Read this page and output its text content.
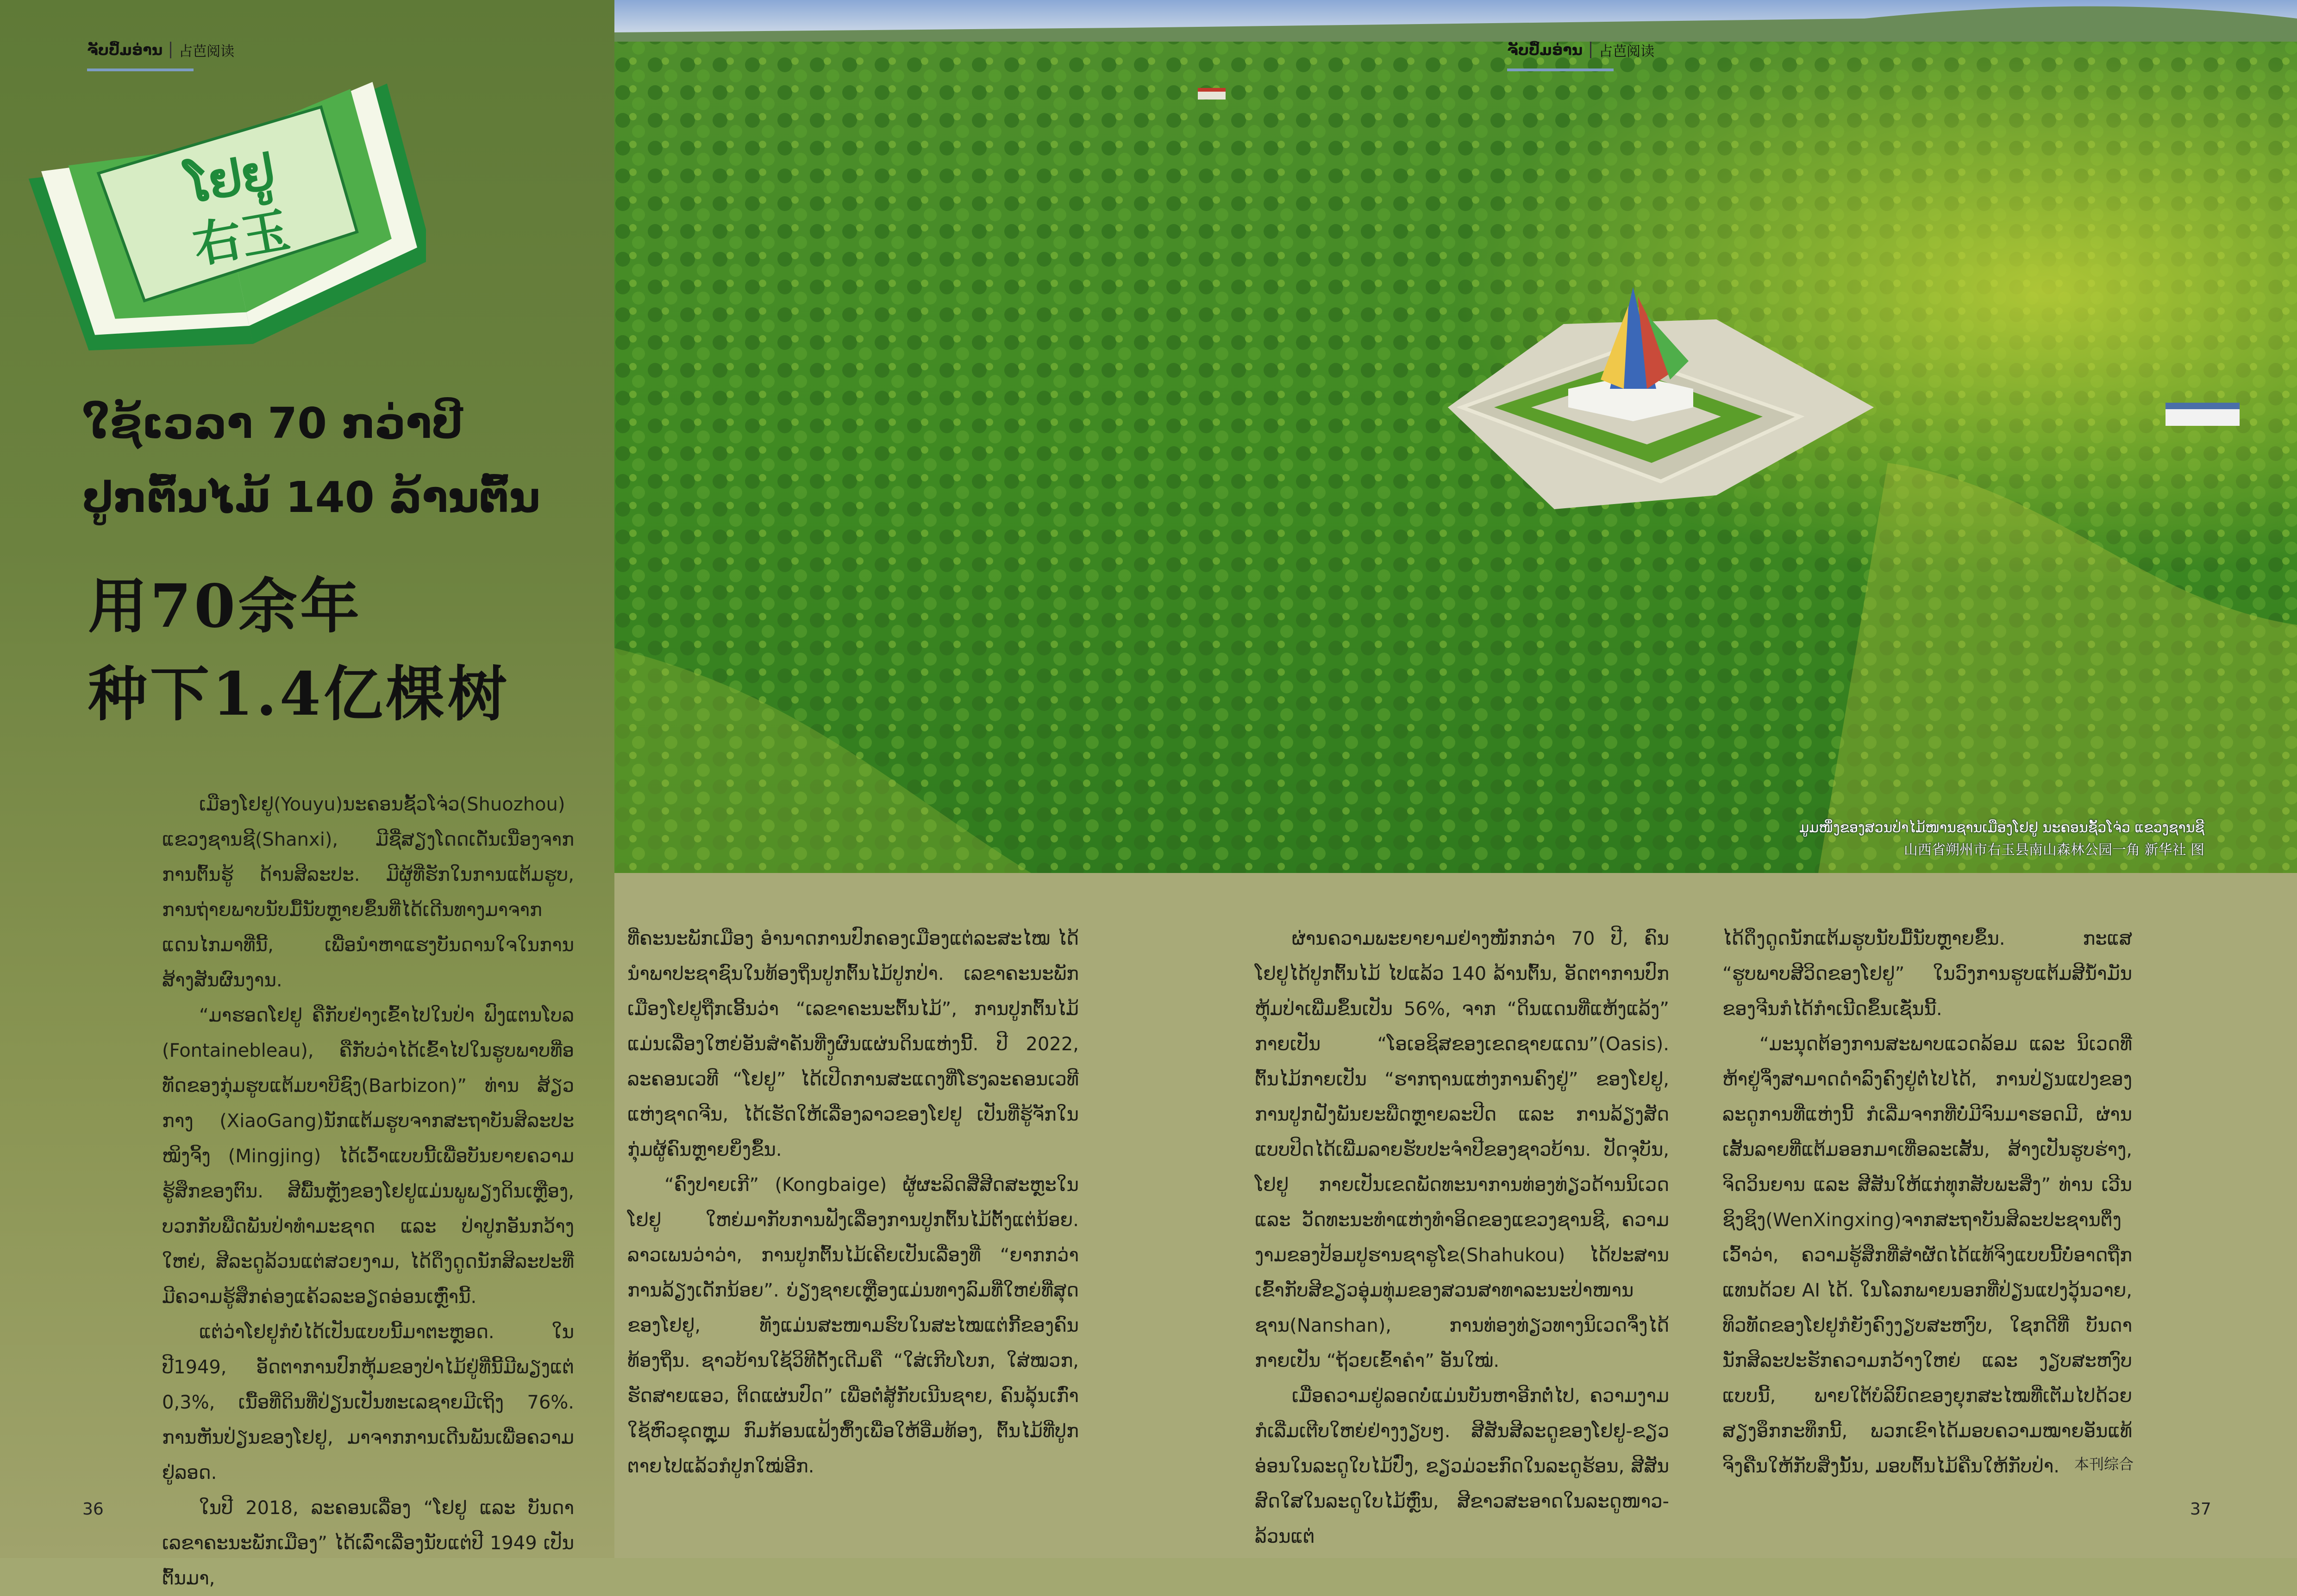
ຈັບປຶ້ມອ່ານ 占芭阅读
ໂຢຢູ
右玉
ໃຊ້ເວລາ 70 ກວ່າປີ
ປູກຕົ້ນໄມ້ 140 ລ້ານຕົ້ນ
用70余年
种下1.4亿棵树

ເມືອງໂຢຢູ(Youyu)ນະຄອນຊັ້ວໂຈ່ວ(Shuozhou) ແຂວງຊານຊີ(Shanxi), ມີຊື່ສຽງໂດດເດັ່ນເນື່ອງຈາກການຕົ້ນຮູ້ ດ້ານສິລະປະ. ມີຜູ້ທີ່ຮັກໃນການແຕ້ມຮູບ, ການຖ່າຍພາບນັບມື້ນັບຫຼາຍຂຶ້ນທີ່ໄດ້ເດີນທາງມາຈາກແດນໄກມາທີ່ນີ້, ເພື່ອນຳຫາແຮງບັນດານໃຈໃນການສ້າງສັນຜົນງານ.

“ມາຮອດໂຢຢູ ຄືກັບຢ່າງເຂົ້າໄປໃນປ່າ ຟົງແຕນໂບລ (Fontainebleau), ຄືກັບວ່າໄດ້ເຂົ້າໄປໃນຮູບພາບທີ່ອທັດຂອງກຸ່ມຮູບແຕ້ມບາບີຊົງ(Barbizon)” ທ່ານ ສ້ຽວກາງ (XiaoGang)ນັກແຕ້ມຮູບຈາກສະຖາບັນສິລະປະໝິງຈິ້ງ (Mingjing) ໄດ້ເວົ້າແບບນີ້ເພື່ອບັນຍາຍຄວາມຮູ້ສຶກຂອງຕົນ. ສີພື້ນຫຼັງຂອງໂຢຢູແມ່ນພູພຽງດິນເຫຼືອງ, ບວກກັບພືດພັນປ່າທຳມະຊາດ ແລະ ປ່າປູກອັນກວ້າງໃຫຍ່, ສີລະດູລ້ວນແຕ່ສວຍງາມ, ໄດ້ດຶງດູດນັກສິລະປະທີ່ມີຄວາມຮູ້ສຶກຄ່ອງແຄ້ວລະອຽດອ່ອນເຫຼົ່ານີ້.

ແຕ່ວ່າໂຢຢູກໍບໍ່ໄດ້ເປັນແບບນີ້ມາຕະຫຼອດ. ໃນປີ1949, ອັດຕາການປົກຫຸ້ມຂອງປ່າໄມ້ຢູ່ທີ່ນີ້ມີພຽງແຕ່ 0,3%, ເນື້ອທີ່ດິນທີ່ປ່ຽນເປັນທະເລຊາຍມີເຖິງ 76%. ການຫັນປ່ຽນຂອງໂຢຢູ, ມາຈາກການເດີນພັນເພື່ອຄວາມຢູ່ລອດ.

ໃນປີ 2018, ລະຄອນເລື່ອງ “ໂຢຢູ ແລະ ບັນດາເລຂາຄະນະພັກເມືອງ” ໄດ້ເລົ່າເລື່ອງນັບແຕ່ປີ 1949 ເປັນຕົ້ນມາ,

36
ຈັບປຶ້ມອ່ານ 占芭阅读
ມູມໜຶ່ງຂອງສວນປ່າໄມ້ໜານຊານເມືອງໂຢຢູ ນະຄອນຊັ້ວໂຈ່ວ ແຂວງຊານຊີ
山西省朔州市右玉县南山森林公园一角 新华社 图

ທີ່ຄະນະພັກເມືອງ ອຳນາດການປົກຄອງເມືອງແຕ່ລະສະໄໝ ໄດ້ນຳພາປະຊາຊົນໃນທ້ອງຖິ່ນປູກຕົ້ນໄມ້ປູກປ່າ. ເລຂາຄະນະພັກເມືອງໂຢຢູຖືກເອີ້ນວ່າ “ເລຂາຄະນະຕົ້ນໄມ້”, ການປູກຕົ້ນໄມ້ແມ່ນເລື່ອງໃຫຍ່ອັນສຳຄັນທີ່ງູຜົນແຜ່ນດິນແຫ່ງນີ້. ປີ 2022, ລະຄອນເວທີ “ໂຢຢູ” ໄດ້ເປີດການສະແດງທີ່ໂຮງລະຄອນເວທີແຫ່ງຊາດຈີນ, ໄດ້ເຮັດໃຫ້ເລື່ອງລາວຂອງໂຢຢູ ເປັນທີ່ຮູ້ຈັກໃນກຸ່ມຜູ້ຄົນຫຼາຍຍິ່ງຂຶ້ນ.

“ຄົງປາຍເກີ” (Kongbaige) ຜູ້ຜະລິດສີ່ສີດສະຫຼະໃນໂຢຢູ ໃຫຍ່ມາກັບການຟັງເລື່ອງການປູກຕົ້ນໄມ້ຕັ້ງແຕ່ນ້ອຍ. ລາວເພນວ່າວ່າ, ການປູກຕົ້ນໄມ້ເຄີຍເປັນເລື່ອງທີ່ “ຍາກກວ່າການລ້ຽງເດັກນ້ອຍ”. ບ່ຽງຊາຍເຫຼືອງແມ່ນທາງລົມທີ່ໃຫຍ່ທີ່ສຸດຂອງໂຢຢູ, ທັງແມ່ນສະໜາມຮົບໃນສະໄໝແຕ່ກີ້ຂອງຄົນທ້ອງຖິ່ນ. ຊາວບ້ານໃຊ້ວິທີດັ້ງເດີມຄື “ໃສ່ເກີບໂບກ, ໃສ່ໝວກ, ຮັດສາຍແອວ, ຕິດແຜ່ນປົດ” ເພື່ອຕໍ່ສູ້ກັບເນີນຊາຍ, ຄົນລຸ້ນເກົ່າ ໃຊ້ຫົວຂຸດຫຼຸມ ກົມກ້ອນແຟ້ງຫຶ້ງເພື່ອໃຫ້ອີ່ມທ້ອງ, ຕົ້ນໄມ້ທີ່ປູກຕາຍໄປແລ້ວກໍປູກໃໝ່ອີກ.

ຜ່ານຄວາມພະຍາຍາມຢ່າງໜັກກວ່າ 70 ປີ, ຄົນໂຢຢູໄດ້ປູກຕົ້ນໄມ້ ໄປແລ້ວ 140 ລ້ານຕົ້ນ, ອັດຕາການປົກຫຸ້ມປ່າເພີ່ມຂຶ້ນເປັນ 56%, ຈາກ “ດິນແດນທີ່ແຫ້ງແລ້ງ” ກາຍເປັນ “ໂອເອຊິສຂອງເຂດຊາຍແດນ”(Oasis). ຕົ້ນໄມ້ກາຍເປັນ “ຮາກຖານແຫ່ງການຄົງຢູ່” ຂອງໂຢຢູ, ການປູກຝັງພັນຍະພືດຫຼາຍລະປີດ ແລະ ການລ້ຽງສັດແບບປິດໄດ້ເພີ່ມລາຍຮັບປະຈຳປີຂອງຊາວບ້ານ. ປັດຈຸບັນ, ໂຢຢູ ກາຍເປັນເຂດພັດທະນາການທ່ອງທ່ຽວດ້ານນິເວດ ແລະ ວັດທະນະທຳແຫ່ງທຳອິດຂອງແຂວງຊານຊີ, ຄວາມງາມຂອງປ້ອມປູຮານຊາຮູໂຂ(Shahukou) ໄດ້ປະສານເຂົ້າກັບສີຂຽວອຸ່ມທຸ່ມຂອງສວນສາທາລະນະປ່າໜານຊານ(Nanshan), ການທ່ອງທ່ຽວທາງນິເວດຈຶ່ງໄດ້ກາຍເປັນ “ຖ້ວຍເຂົ້າຄຳ” ອັນໃໝ່.

ເມື່ອຄວາມຢູ່ລອດບໍ່ແມ່ນບັນຫາອີກຕໍ່ໄປ, ຄວາມງາມກໍເລີ່ມເຕີບໃຫຍ່ຢ່າງງຽບໆ. ສີສັນສີລະດູຂອງໂຢຢູ-ຂຽວອ່ອນໃນລະດູໃບໄມ້ປົ່ງ, ຂຽວມ່ວະກົດໃນລະດູຮ້ອນ, ສີສັນສົດໃສໃນລະດູໃບໄມ້ຫຼົ່ນ, ສີຂາວສະອາດໃນລະດູໜາວ-ລ້ວນແຕ່

ໄດ້ດຶງດູດນັກແຕ້ມຮູບນັບມື້ນັບຫຼາຍຂຶ້ນ. ກະແສ “ຮູບພາບສີວິດຂອງໂຢຢູ” ໃນວົງການຮູບແຕ້ມສີນ້ຳມັນຂອງຈີນກໍໄດ້ກຳເນີດຂຶ້ນເຊັ່ນນີ້.

“ມະນຸດຕ້ອງການສະພາບແວດລ້ອມ ແລະ ນິເວດທີ່ຫ້າຢູ່ຈຶ່ງສາມາດດຳລົງຄົງຢູ່ຕໍ່ໄປໄດ້, ການປ່ຽນແປງຂອງລະດູການທີ່ແຫ່ງນີ້ ກໍເລີ່ມຈາກທີ່ບໍ່ມີຈົນມາຮອດມີ, ຜ່ານເສັ້ນລາຍທີ່ແຕ້ມອອກມາເທື່ອລະເສັ້ນ, ສ້າງເປັນຮູບຮ່າງ, ຈິດວິນຍານ ແລະ ສີສັນໃຫ້ແກ່ທຸກສັບພະສິ່ງ” ທ່ານ ເວີນຊິງຊິງ(WenXingxing)ຈາກສະຖາບັນສິລະປະຊານຕຶ່ງເວົ້າວ່າ, ຄວາມຮູ້ສຶກທີ່ສຳຜັດໄດ້ແທ້ຈິງແບບນີ້ບໍ່ອາດຖືກແທນດ້ວຍ AI ໄດ້. ໃນໂລກພາຍນອກທີ່ປ່ຽນແປງວຸ້ນວາຍ, ທິວທັດຂອງໂຢຢູກໍຍັງຄົງງຽບສະຫງົບ, ໃຊກດີທີ່ ບັນດານັກສິລະປະຮັກຄວາມກວ້າງໃຫຍ່ ແລະ ງຽບສະຫງົບແບບນີ້, ພາຍໃຕ້ບໍລິບົດຂອງຍຸກສະໄໝທີ່ເຕັມໄປດ້ວຍສຽງອຶກກະທຶກນີ້, ພວກເຂົາໄດ້ມອບຄວາມໝາຍອັນແທ້ຈິງຄືນໃຫ້ກັບສິ່ງນັ້ນ, ມອບຕົ້ນໄມ້ຄືນໃຫ້ກັບປ່າ. 本刊综合
37
